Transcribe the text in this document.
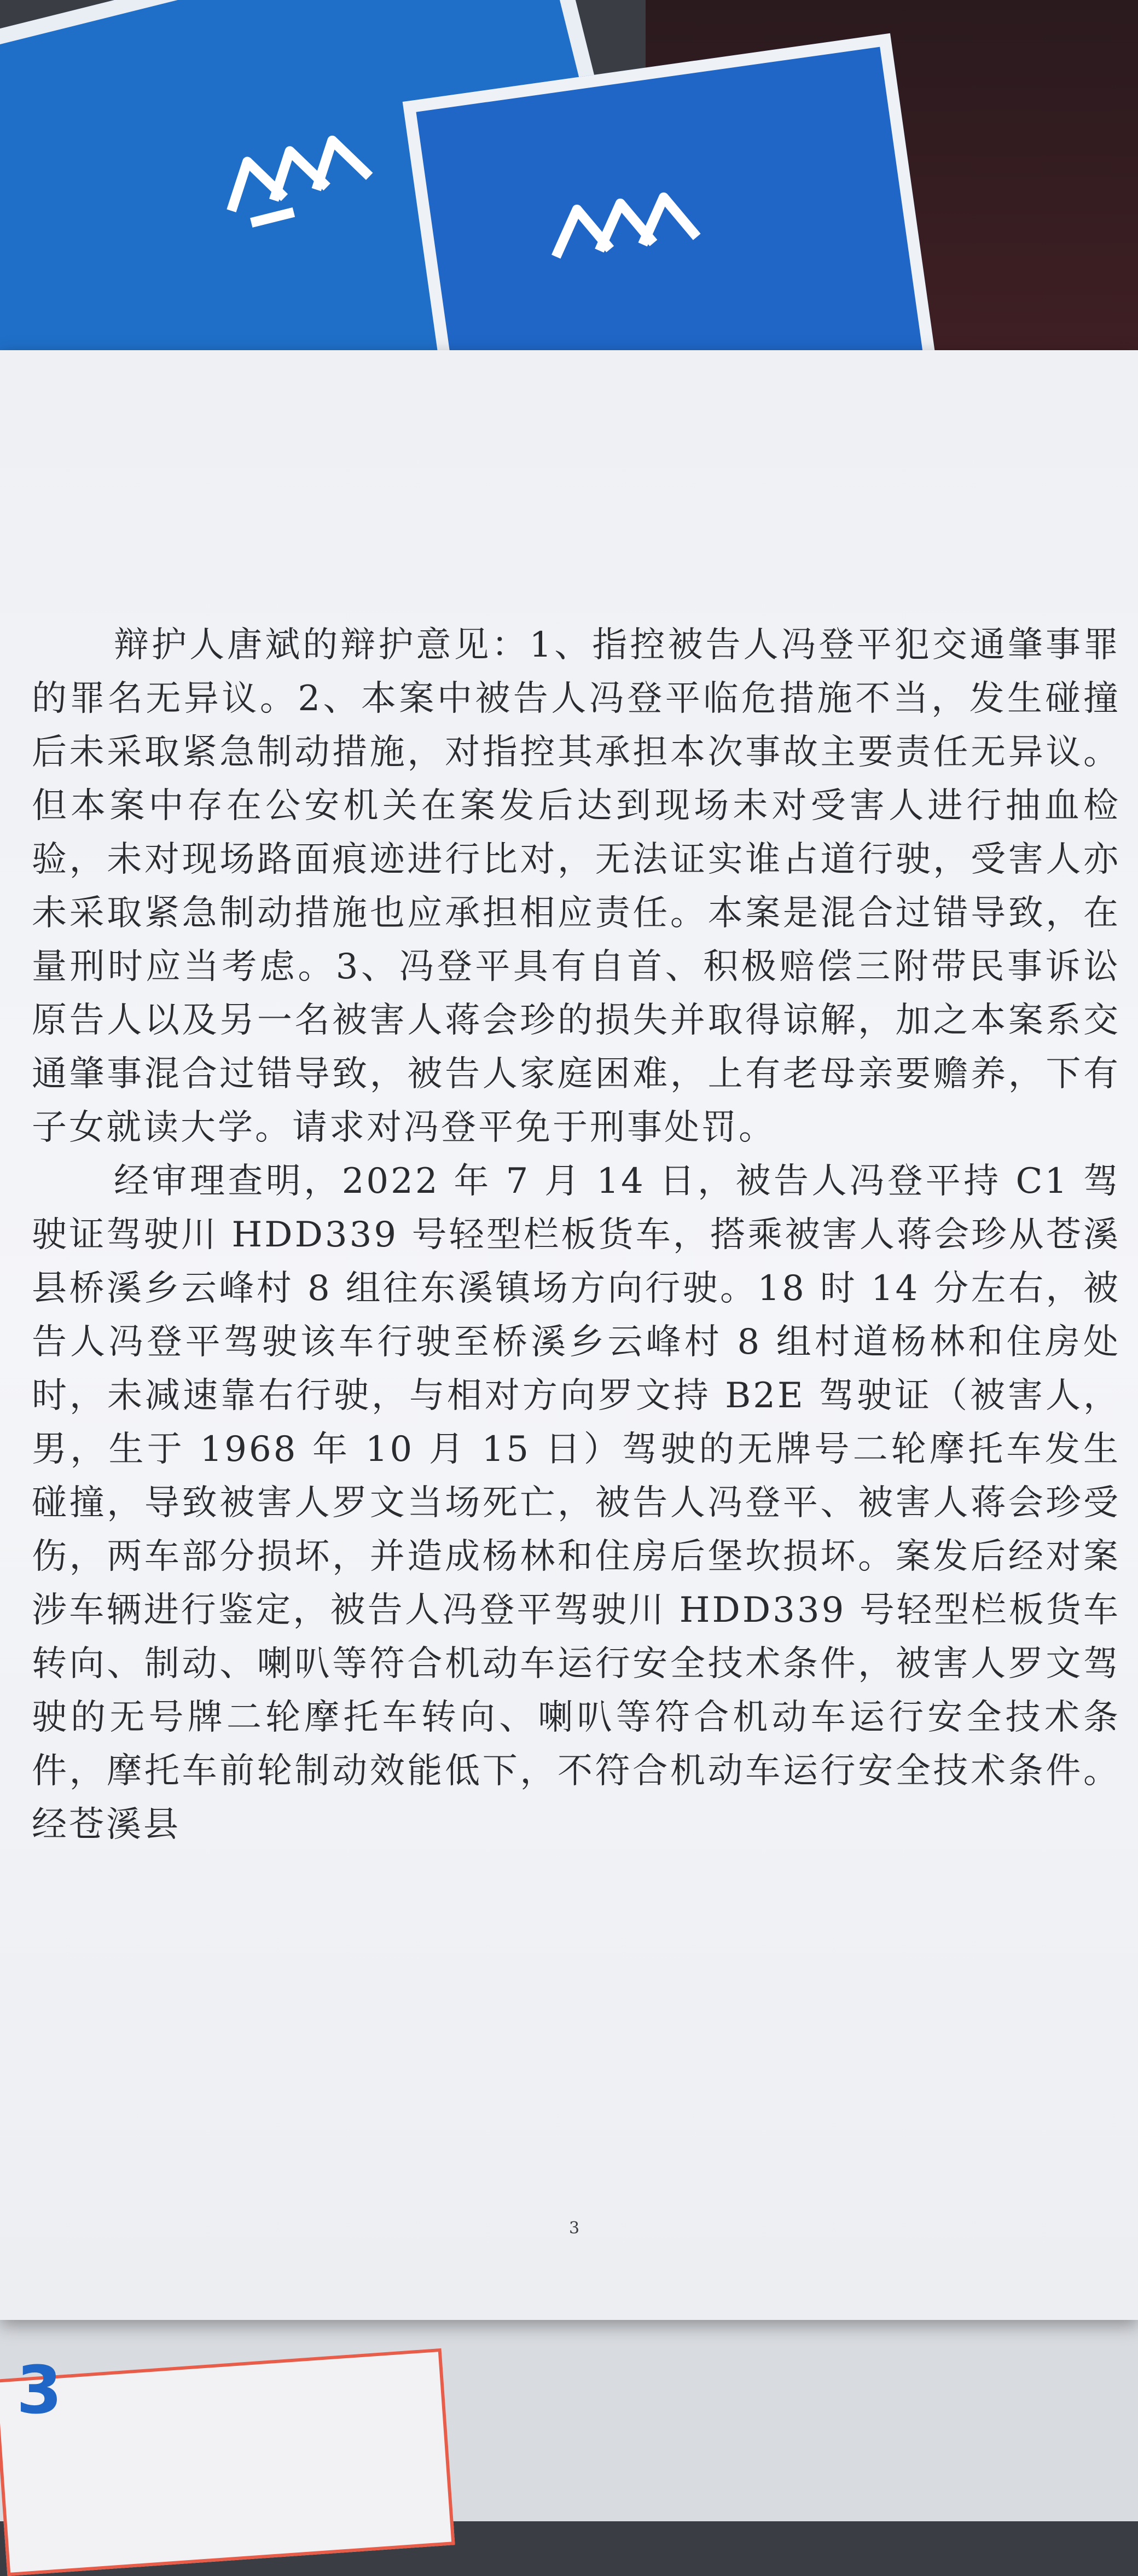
3

辩护人唐斌的辩护意见：1、指控被告人冯登平犯交通肇事罪的罪名无异议。2、本案中被告人冯登平临危措施不当，发生碰撞后未采取紧急制动措施，对指控其承担本次事故主要责任无异议。但本案中存在公安机关在案发后达到现场未对受害人进行抽血检验，未对现场路面痕迹进行比对，无法证实谁占道行驶，受害人亦未采取紧急制动措施也应承担相应责任。本案是混合过错导致，在量刑时应当考虑。3、冯登平具有自首、积极赔偿三附带民事诉讼原告人以及另一名被害人蒋会珍的损失并取得谅解，加之本案系交通肇事混合过错导致，被告人家庭困难，上有老母亲要赡养，下有子女就读大学。请求对冯登平免于刑事处罚。

经审理查明，2022 年 7 月 14 日，被告人冯登平持 C1 驾驶证驾驶川 HDD339 号轻型栏板货车，搭乘被害人蒋会珍从苍溪县桥溪乡云峰村 8 组往东溪镇场方向行驶。18 时 14 分左右，被告人冯登平驾驶该车行驶至桥溪乡云峰村 8 组村道杨林和住房处时，未减速靠右行驶，与相对方向罗文持 B2E 驾驶证（被害人，男，生于 1968 年 10 月 15 日）驾驶的无牌号二轮摩托车发生碰撞，导致被害人罗文当场死亡，被告人冯登平、被害人蒋会珍受伤，两车部分损坏，并造成杨林和住房后堡坎损坏。案发后经对案涉车辆进行鉴定，被告人冯登平驾驶川 HDD339 号轻型栏板货车转向、制动、喇叭等符合机动车运行安全技术条件，被害人罗文驾驶的无号牌二轮摩托车转向、喇叭等符合机动车运行安全技术条件，摩托车前轮制动效能低下，不符合机动车运行安全技术条件。经苍溪县

3
